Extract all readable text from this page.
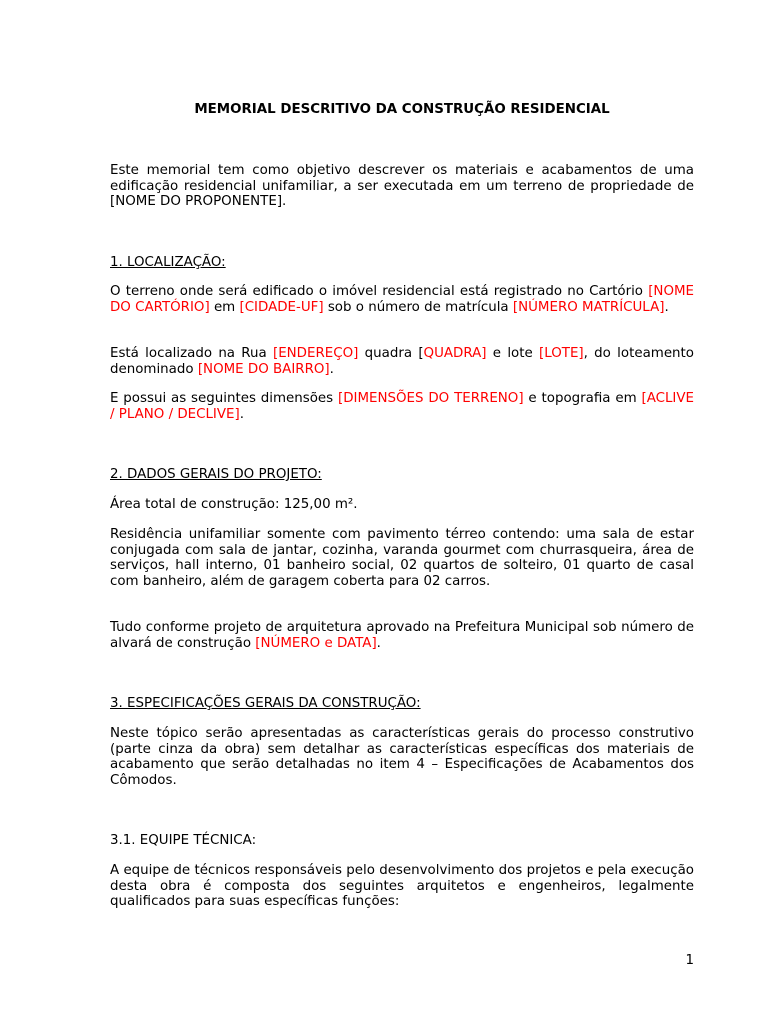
MEMORIAL DESCRITIVO DA CONSTRUÇÃO RESIDENCIAL

Este memorial tem como objetivo descrever os materiais e acabamentos de uma edificação residencial unifamiliar, a ser executada em um terreno de propriedade de [NOME DO PROPONENTE].

1. LOCALIZAÇÃO:

O terreno onde será edificado o imóvel residencial está registrado no Cartório [NOME DO CARTÓRIO] em [CIDADE-UF] sob o número de matrícula [NÚMERO MATRÍCULA].

Está localizado na Rua [ENDEREÇO] quadra [QUADRA] e lote [LOTE], do loteamento denominado [NOME DO BAIRRO].

E possui as seguintes dimensões [DIMENSÕES DO TERRENO] e topografia em [ACLIVE / PLANO / DECLIVE].

2. DADOS GERAIS DO PROJETO:

Área total de construção: 125,00 m².

Residência unifamiliar somente com pavimento térreo contendo: uma sala de estar conjugada com sala de jantar, cozinha, varanda gourmet com churrasqueira, área de serviços, hall interno, 01 banheiro social, 02 quartos de solteiro, 01 quarto de casal com banheiro, além de garagem coberta para 02 carros.

Tudo conforme projeto de arquitetura aprovado na Prefeitura Municipal sob número de alvará de construção [NÚMERO e DATA].

3. ESPECIFICAÇÕES GERAIS DA CONSTRUÇÃO:

Neste tópico serão apresentadas as características gerais do processo construtivo (parte cinza da obra) sem detalhar as características específicas dos materiais de acabamento que serão detalhadas no item 4 – Especificações de Acabamentos dos Cômodos.

3.1. EQUIPE TÉCNICA:

A equipe de técnicos responsáveis pelo desenvolvimento dos projetos e pela execução desta obra é composta dos seguintes arquitetos e engenheiros, legalmente qualificados para suas específicas funções:

1
